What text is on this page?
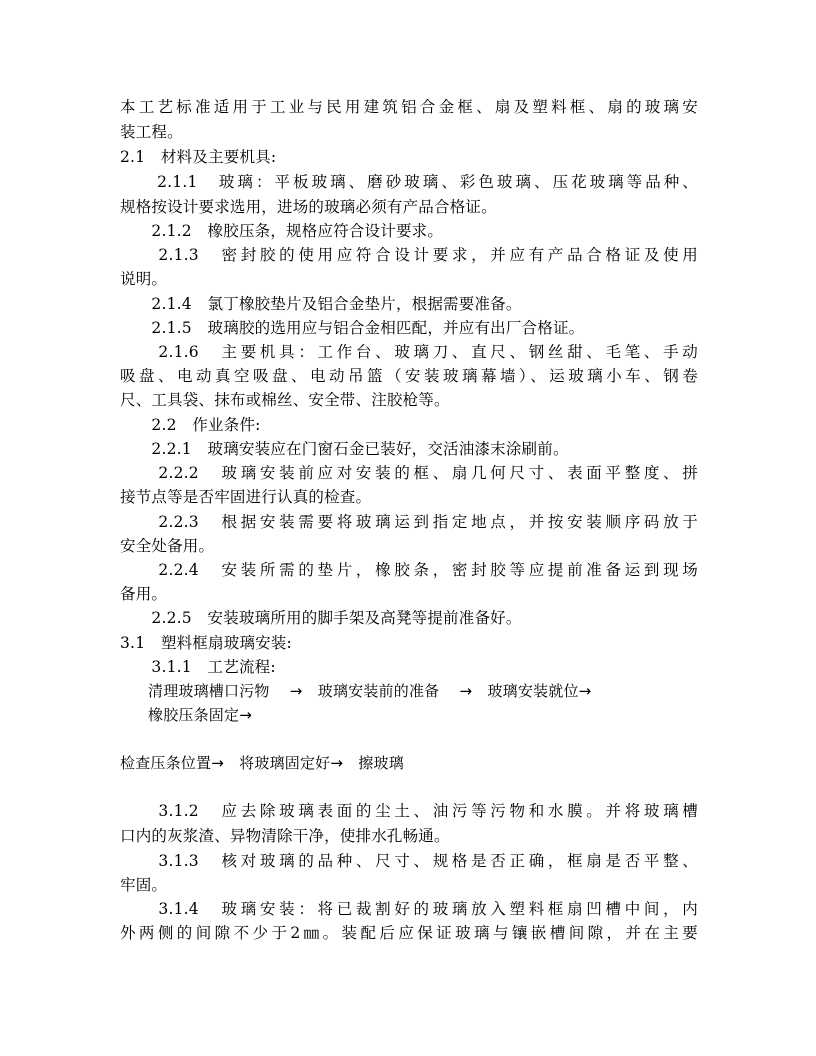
本工艺标准适用于工业与民用建筑铝合金框、扇及塑料框、扇的玻璃安
装工程。
2.1　材料及主要机具:
　　2.1.1　玻璃：平板玻璃、磨砂玻璃、彩色玻璃、压花玻璃等品种、
规格按设计要求选用，进场的玻璃必须有产品合格证。
　　2.1.2　橡胶压条，规格应符合设计要求。
　　2.1.3　密封胶的使用应符合设计要求，并应有产品合格证及使用
说明。
　　2.1.4　氯丁橡胶垫片及铝合金垫片，根据需要准备。
　　2.1.5　玻璃胶的选用应与铝合金相匹配，并应有出厂合格证。
　　2.1.6　主要机具：工作台、玻璃刀、直尺、钢丝甜、毛笔、手动
吸盘、电动真空吸盘、电动吊篮（安装玻璃幕墙）、运玻璃小车、钢卷
尺、工具袋、抹布或棉丝、安全带、注胶枪等。
　　2.2　作业条件:
　　2.2.1　玻璃安装应在门窗石金已装好，交活油漆末涂刷前。
　　2.2.2　玻璃安装前应对安装的框、扇几何尺寸、表面平整度、拼
接节点等是否牢固进行认真的检查。
　　2.2.3　根据安装需要将玻璃运到指定地点，并按安装顺序码放于
安全处备用。
　　2.2.4　安装所需的垫片，橡胶条，密封胶等应提前准备运到现场
备用。
　　2.2.5　安装玻璃所用的脚手架及高凳等提前准备好。
3.1　塑料框扇玻璃安装:
　　3.1.1　工艺流程:
清理玻璃槽口污物　 →　玻璃安装前的准备　 →　玻璃安装就位→
橡胶压条固定→
检查压条位置→　将玻璃固定好→　擦玻璃
　　3.1.2　应去除玻璃表面的尘土、油污等污物和水膜。并将玻璃槽
口内的灰浆渣、异物清除干净，使排水孔畅通。
　　3.1.3　核对玻璃的品种、尺寸、规格是否正确，框扇是否平整、
牢固。
　　3.1.4　玻璃安装：将已裁割好的玻璃放入塑料框扇凹槽中间，内
外两侧的间隙不少于2㎜。装配后应保证玻璃与镶嵌槽间隙，并在主要
